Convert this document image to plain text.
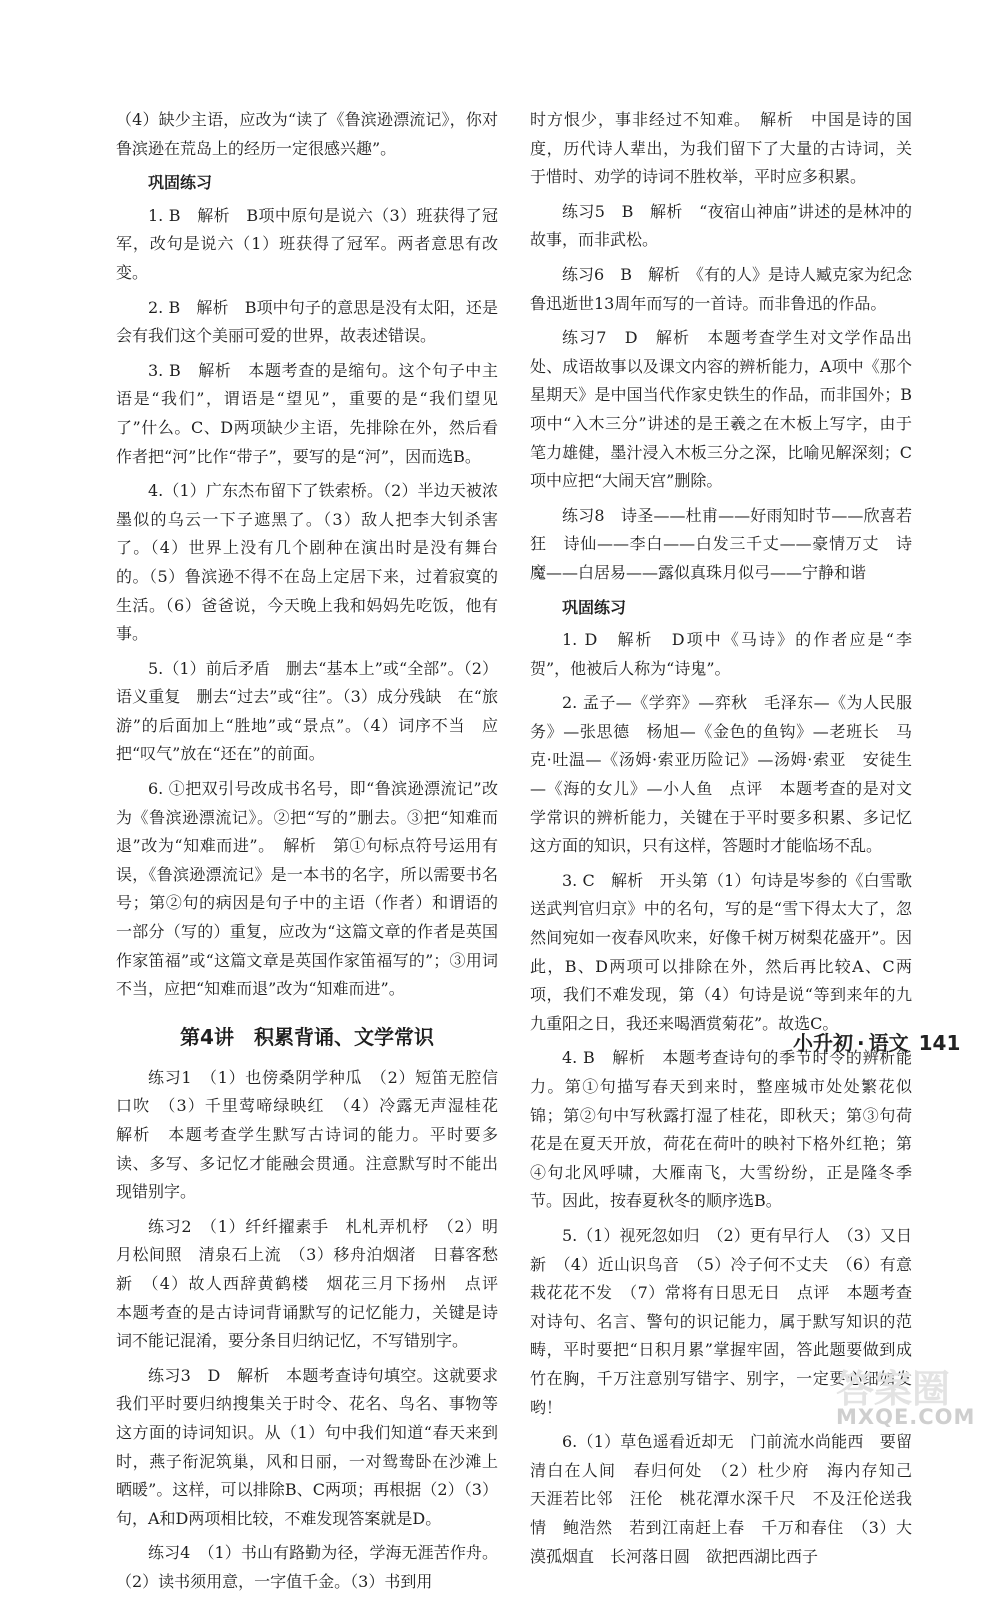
（4）缺少主语，应改为“读了《鲁滨逊漂流记》，你对鲁滨逊在荒岛上的经历一定很感兴趣”。
巩固练习
1. B　解析　B项中原句是说六（3）班获得了冠军，改句是说六（1）班获得了冠军。两者意思有改变。
2. B　解析　B项中句子的意思是没有太阳，还是会有我们这个美丽可爱的世界，故表述错误。
3. B　解析　本题考查的是缩句。这个句子中主语是“我们”，谓语是“望见”，重要的是“我们望见了”什么。C、D两项缺少主语，先排除在外，然后看作者把“河”比作“带子”，要写的是“河”，因而选B。
4.（1）广东杰布留下了铁索桥。（2）半边天被浓墨似的乌云一下子遮黑了。（3）敌人把李大钊杀害了。（4）世界上没有几个剧种在演出时是没有舞台的。（5）鲁滨逊不得不在岛上定居下来，过着寂寞的生活。（6）爸爸说，今天晚上我和妈妈先吃饭，他有事。
5.（1）前后矛盾　删去“基本上”或“全部”。（2）语义重复　删去“过去”或“往”。（3）成分残缺　在“旅游”的后面加上“胜地”或“景点”。（4）词序不当　应把“叹气”放在“还在”的前面。
6. ①把双引号改成书名号，即“鲁滨逊漂流记”改为《鲁滨逊漂流记》。②把“写的”删去。③把“知难而退”改为“知难而进”。　解析　第①句标点符号运用有误，《鲁滨逊漂流记》是一本书的名字，所以需要书名号；第②句的病因是句子中的主语（作者）和谓语的一部分（写的）重复，应改为“这篇文章的作者是英国作家笛福”或“这篇文章是英国作家笛福写的”；③用词不当，应把“知难而退”改为“知难而进”。
第4讲　积累背诵、文学常识
练习1　（1）也傍桑阴学种瓜　（2）短笛无腔信口吹　（3）千里莺啼绿映红　（4）冷露无声湿桂花　解析　本题考查学生默写古诗词的能力。平时要多读、多写、多记忆才能融会贯通。注意默写时不能出现错别字。
练习2　（1）纤纤擢素手　札札弄机杼　（2）明月松间照　清泉石上流　（3）移舟泊烟渚　日暮客愁新　（4）故人西辞黄鹤楼　烟花三月下扬州　点评　本题考查的是古诗词背诵默写的记忆能力，关键是诗词不能记混淆，要分条目归纳记忆，不写错别字。
练习3　D　解析　本题考查诗句填空。这就要求我们平时要归纳搜集关于时令、花名、鸟名、事物等这方面的诗词知识。从（1）句中我们知道“春天来到时，燕子衔泥筑巢，风和日丽，一对鸳鸯卧在沙滩上晒暖”。这样，可以排除B、C两项；再根据（2）（3）句，A和D两项相比较，不难发现答案就是D。
练习4　（1）书山有路勤为径，学海无涯苦作舟。（2）读书须用意，一字值千金。（3）书到用
时方恨少，事非经过不知难。　解析　中国是诗的国度，历代诗人辈出，为我们留下了大量的古诗词，关于惜时、劝学的诗词不胜枚举，平时应多积累。
练习5　B　解析　“夜宿山神庙”讲述的是林冲的故事，而非武松。
练习6　B　解析　《有的人》是诗人臧克家为纪念鲁迅逝世13周年而写的一首诗。而非鲁迅的作品。
练习7　D　解析　本题考查学生对文学作品出处、成语故事以及课文内容的辨析能力，A项中《那个星期天》是中国当代作家史铁生的作品，而非国外；B项中“入木三分”讲述的是王羲之在木板上写字，由于笔力雄健，墨汁浸入木板三分之深，比喻见解深刻；C项中应把“大闹天宫”删除。
练习8　诗圣——杜甫——好雨知时节——欣喜若狂　诗仙——李白——白发三千丈——豪情万丈　诗魔——白居易——露似真珠月似弓——宁静和谐
巩固练习
1. D　解析　D项中《马诗》的作者应是“李贺”，他被后人称为“诗鬼”。
2. 孟子—《学弈》—弈秋　毛泽东—《为人民服务》—张思德　杨旭—《金色的鱼钩》—老班长　马克·吐温—《汤姆·索亚历险记》—汤姆·索亚　安徒生—《海的女儿》—小人鱼　点评　本题考查的是对文学常识的辨析能力，关键在于平时要多积累、多记忆这方面的知识，只有这样，答题时才能临场不乱。
3. C　解析　开头第（1）句诗是岑参的《白雪歌送武判官归京》中的名句，写的是“雪下得太大了，忽然间宛如一夜春风吹来，好像千树万树梨花盛开”。因此，B、D两项可以排除在外，然后再比较A、C两项，我们不难发现，第（4）句诗是说“等到来年的九九重阳之日，我还来喝酒赏菊花”。故选C。
4. B　解析　本题考查诗句的季节时令的辨析能力。第①句描写春天到来时，整座城市处处繁花似锦；第②句中写秋露打湿了桂花，即秋天；第③句荷花是在夏天开放，荷花在荷叶的映衬下格外红艳；第④句北风呼啸，大雁南飞，大雪纷纷，正是隆冬季节。因此，按春夏秋冬的顺序选B。
5.（1）视死忽如归　（2）更有早行人　（3）又日新　（4）近山识鸟音　（5）冷子何不丈夫　（6）有意栽花花不发　（7）常将有日思无日　点评　本题考查对诗句、名言、警句的识记能力，属于默写知识的范畴，平时要把“日积月累”掌握牢固，答此题要做到成竹在胸，千万注意别写错字、别字，一定要心细如发哟！
6.（1）草色遥看近却无　门前流水尚能西　要留清白在人间　春归何处　（2）杜少府　海内存知己　天涯若比邻　汪伦　桃花潭水深千尺　不及汪伦送我情　鲍浩然　若到江南赶上春　千万和春住　（3）大漠孤烟直　长河落日圆　欲把西湖比西子
小升初 · 语文 141
答案圈
MXQE.COM
